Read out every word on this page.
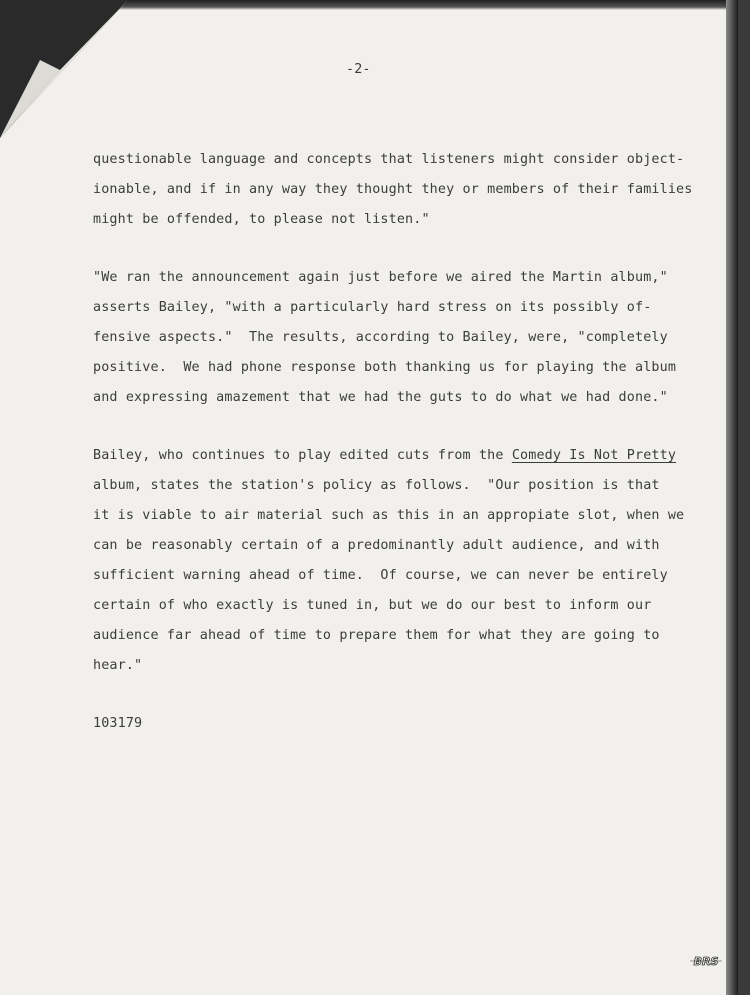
-2-
questionable language and concepts that listeners might consider object-
ionable, and if in any way they thought they or members of their families
might be offended, to please not listen."
"We ran the announcement again just before we aired the Martin album,"
asserts Bailey, "with a particularly hard stress on its possibly of-
fensive aspects."  The results, according to Bailey, were, "completely
positive.  We had phone response both thanking us for playing the album
and expressing amazement that we had the guts to do what we had done."
Bailey, who continues to play edited cuts from the Comedy Is Not Pretty
album, states the station's policy as follows.  "Our position is that
it is viable to air material such as this in an appropiate slot, when we
can be reasonably certain of a predominantly adult audience, and with
sufficient warning ahead of time.  Of course, we can never be entirely
certain of who exactly is tuned in, but we do our best to inform our
audience far ahead of time to prepare them for what they are going to
hear."
103179
BRS
